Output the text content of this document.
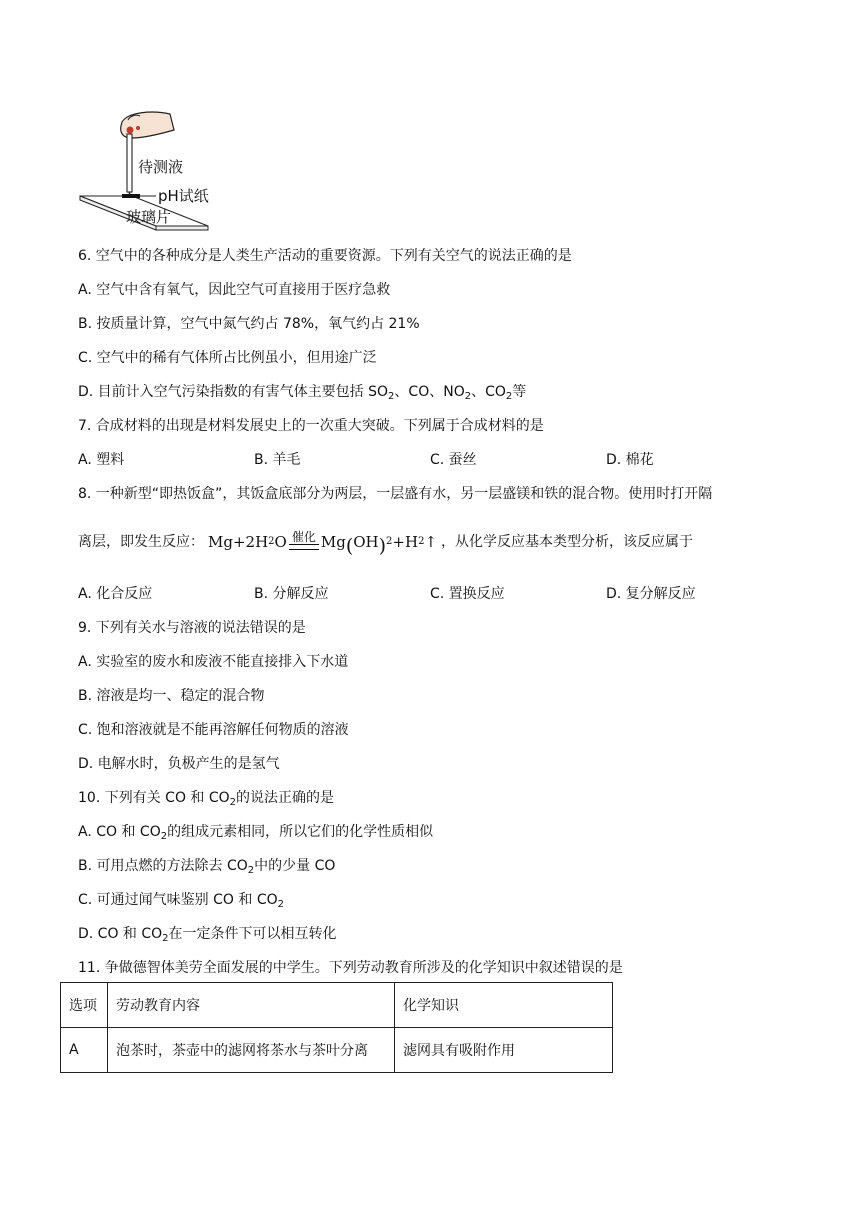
待测液
pH试纸
玻璃片
6. 空气中的各种成分是人类生产活动的重要资源。下列有关空气的说法正确的是
A. 空气中含有氧气，因此空气可直接用于医疗急救
B. 按质量计算，空气中氮气约占 78%，氧气约占 21%
C. 空气中的稀有气体所占比例虽小，但用途广泛
D. 目前计入空气污染指数的有害气体主要包括 $SO_2$、CO、$NO_2$、$CO_2$等
7. 合成材料的出现是材料发展史上的一次重大突破。下列属于合成材料的是
A. 塑料	B. 羊毛	C. 蚕丝	D. 棉花
8. 一种新型“即热饭盒”，其饭盒底部分为两层，一层盛有水，另一层盛镁和铁的混合物。使用时打开隔
离层，即发生反应： Mg+2H 2 O 催化 Mg ( OH )$^2$ +H 2 ↑ ，从化学反应基本类型分析，该反应属于
A. 化合反应	B. 分解反应	C. 置换反应	D. 复分解反应
9. 下列有关水与溶液的说法错误的是
A. 实验室的废水和废液不能直接排入下水道
B. 溶液是均一、稳定的混合物
C. 饱和溶液就是不能再溶解任何物质的溶液
D. 电解水时，负极产生的是氢气
10. 下列有关 CO 和 $CO_2$的说法正确的是
A. CO 和 $CO_2$的组成元素相同，所以它们的化学性质相似
B. 可用点燃的方法除去 $CO_2$中的少量 CO
C. 可通过闻气味鉴别 CO 和 $CO_2$
D. CO 和 $CO_2$在一定条件下可以相互转化
11. 争做德智体美劳全面发展的中学生。下列劳动教育所涉及的化学知识中叙述错误的是
选项	劳动教育内容	化学知识
A	泡茶时，茶壶中的滤网将茶水与茶叶分离	滤网具有吸附作用
